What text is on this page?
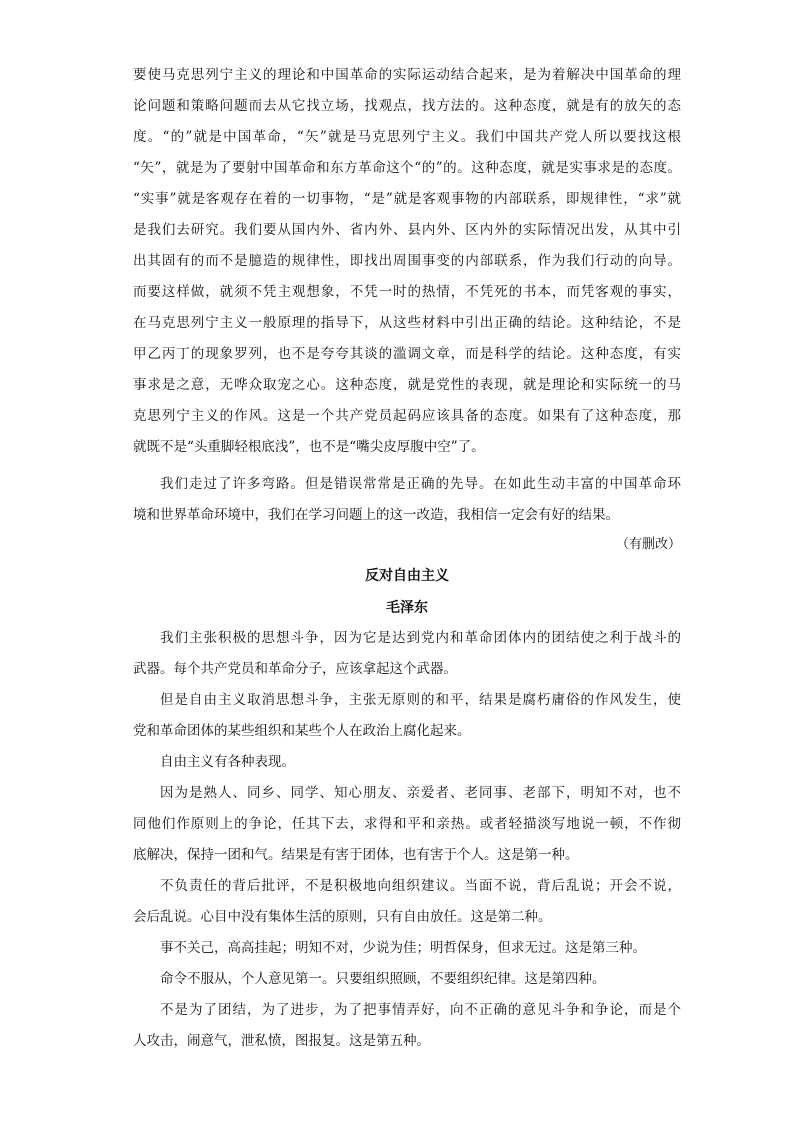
要使马克思列宁主义的理论和中国革命的实际运动结合起来，是为着解决中国革命的理

论问题和策略问题而去从它找立场，找观点，找方法的。这种态度，就是有的放矢的态

度。“的”就是中国革命，“矢”就是马克思列宁主义。我们中国共产党人所以要找这根

“矢”，就是为了要射中国革命和东方革命这个“的”的。这种态度，就是实事求是的态度。

“实事”就是客观存在着的一切事物，“是”就是客观事物的内部联系，即规律性，“求”就

是我们去研究。我们要从国内外、省内外、县内外、区内外的实际情况出发，从其中引

出其固有的而不是臆造的规律性，即找出周围事变的内部联系，作为我们行动的向导。

而要这样做，就须不凭主观想象，不凭一时的热情，不凭死的书本，而凭客观的事实，

在马克思列宁主义一般原理的指导下，从这些材料中引出正确的结论。这种结论，不是

甲乙丙丁的现象罗列，也不是夸夸其谈的滥调文章，而是科学的结论。这种态度，有实

事求是之意，无哗众取宠之心。这种态度，就是党性的表现，就是理论和实际统一的马

克思列宁主义的作风。这是一个共产党员起码应该具备的态度。如果有了这种态度，那

就既不是“头重脚轻根底浅”，也不是“嘴尖皮厚腹中空”了。

我们走过了许多弯路。但是错误常常是正确的先导。在如此生动丰富的中国革命环

境和世界革命环境中，我们在学习问题上的这一改造，我相信一定会有好的结果。

（有删改）
反对自由主义
毛泽东

我们主张积极的思想斗争，因为它是达到党内和革命团体内的团结使之利于战斗的

武器。每个共产党员和革命分子，应该拿起这个武器。

但是自由主义取消思想斗争，主张无原则的和平，结果是腐朽庸俗的作风发生，使

党和革命团体的某些组织和某些个人在政治上腐化起来。

自由主义有各种表现。

因为是熟人、同乡、同学、知心朋友、亲爱者、老同事、老部下，明知不对，也不

同他们作原则上的争论，任其下去，求得和平和亲热。或者轻描淡写地说一顿，不作彻

底解决，保持一团和气。结果是有害于团体，也有害于个人。这是第一种。

不负责任的背后批评，不是积极地向组织建议。当面不说，背后乱说；开会不说，

会后乱说。心目中没有集体生活的原则，只有自由放任。这是第二种。

事不关己，高高挂起；明知不对，少说为佳；明哲保身，但求无过。这是第三种。

命令不服从，个人意见第一。只要组织照顾，不要组织纪律。这是第四种。

不是为了团结，为了进步，为了把事情弄好，向不正确的意见斗争和争论，而是个

人攻击，闹意气，泄私愤，图报复。这是第五种。
